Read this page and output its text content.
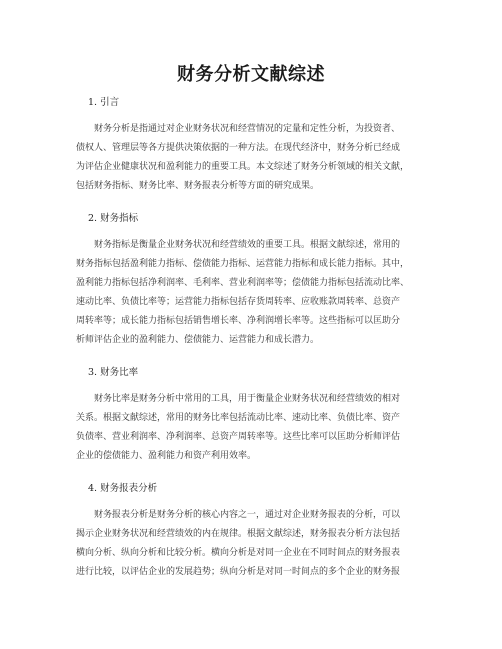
财务分析文献综述

1. 引言

财务分析是指通过对企业财务状况和经营情况的定量和定性分析，为投资者、
债权人、管理层等各方提供决策依据的一种方法。在现代经济中，财务分析已经成
为评估企业健康状况和盈利能力的重要工具。本文综述了财务分析领域的相关文献，
包括财务指标、财务比率、财务报表分析等方面的研究成果。

2. 财务指标

财务指标是衡量企业财务状况和经营绩效的重要工具。根据文献综述，常用的
财务指标包括盈利能力指标、偿债能力指标、运营能力指标和成长能力指标。其中，
盈利能力指标包括净利润率、毛利率、营业利润率等；偿债能力指标包括流动比率、
速动比率、负债比率等；运营能力指标包括存货周转率、应收账款周转率、总资产
周转率等；成长能力指标包括销售增长率、净利润增长率等。这些指标可以匡助分
析师评估企业的盈利能力、偿债能力、运营能力和成长潜力。

3. 财务比率

财务比率是财务分析中常用的工具，用于衡量企业财务状况和经营绩效的相对
关系。根据文献综述，常用的财务比率包括流动比率、速动比率、负债比率、资产
负债率、营业利润率、净利润率、总资产周转率等。这些比率可以匡助分析师评估
企业的偿债能力、盈利能力和资产利用效率。

4. 财务报表分析

财务报表分析是财务分析的核心内容之一，通过对企业财务报表的分析，可以
揭示企业财务状况和经营绩效的内在规律。根据文献综述，财务报表分析方法包括
横向分析、纵向分析和比较分析。横向分析是对同一企业在不同时间点的财务报表
进行比较，以评估企业的发展趋势；纵向分析是对同一时间点的多个企业的财务报
